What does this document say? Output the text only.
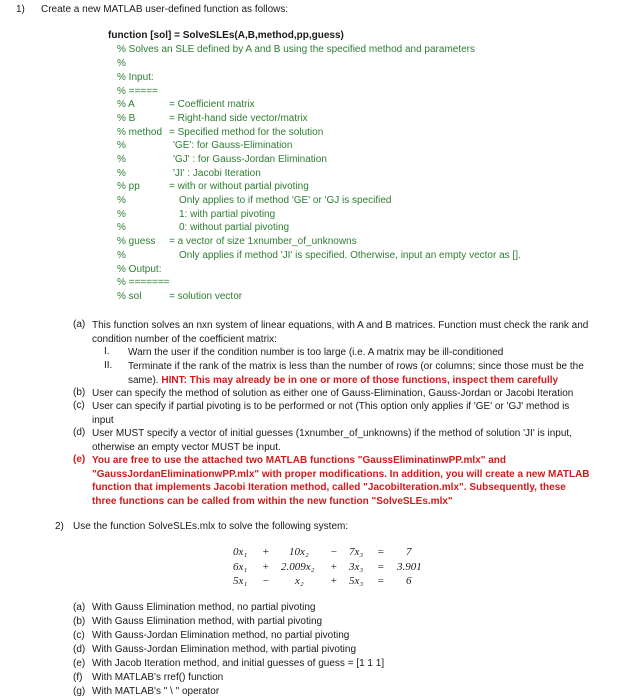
1) Create a new MATLAB user-defined function as follows:
function [sol] = SolveSLEs(A,B,method,pp,guess)
% Solves an SLE defined by A and B using the specified method and parameters
%
% Input:
% =====
% A	= Coefficient matrix
% B	= Right-hand side vector/matrix
% method = Specified method for the solution
%	'GE': for Gauss-Elimination
%	'GJ' : for Gauss-Jordan Elimination
%	'JI' : Jacobi Iteration
% pp	= with or without partial pivoting
%	Only applies to if method 'GE' or 'GJ is specified
%	1: with partial pivoting
%	0: without partial pivoting
% guess = a vector of size 1xnumber_of_unknowns
%	Only applies if method 'JI' is specified. Otherwise, input an empty vector as [].
% Output:
% =======
% sol	= solution vector
(a) This function solves an nxn system of linear equations, with A and B matrices. Function must check the rank and condition number of the coefficient matrix:
I. Warn the user if the condition number is too large (i.e. A matrix may be ill-conditioned
II. Terminate if the rank of the matrix is less than the number of rows (or columns; since those must be the same). HINT: This may already be in one or more of those functions, inspect them carefully
(b) User can specify the method of solution as either one of Gauss-Elimination, Gauss-Jordan or Jacobi Iteration
(c) User can specify if partial pivoting is to be performed or not (This option only applies if 'GE' or 'GJ' method is input
(d) User MUST specify a vector of initial guesses (1xnumber_of_unknowns) if the method of solution 'JI' is input, otherwise an empty vector MUST be input.
(e) You are free to use the attached two MATLAB functions "GaussEliminatinwPP.mlx" and "GaussJordanEliminationwPP.mlx" with proper modifications. In addition, you will create a new MATLAB function that implements Jacobi Iteration method, called "JacobiIteration.mlx". Subsequently, these three functions can be called from within the new function "SolveSLEs.mlx"
2) Use the function SolveSLEs.mlx to solve the following system:
0x₁ + 10x₂ − 7x₃ = 7
6x₁ + 2.009x₂ + 3x₃ = 3.901
5x₁ − x₂ + 5x₃ = 6
(a) With Gauss Elimination method, no partial pivoting
(b) With Gauss Elimination method, with partial pivoting
(c) With Gauss-Jordan Elimination method, no partial pivoting
(d) With Gauss-Jordan Elimination method, with partial pivoting
(e) With Jacob Iteration method, and initial guesses of guess = [1 1 1]
(f) With MATLAB's rref() function
(g) With MATLAB's " \ " operator
